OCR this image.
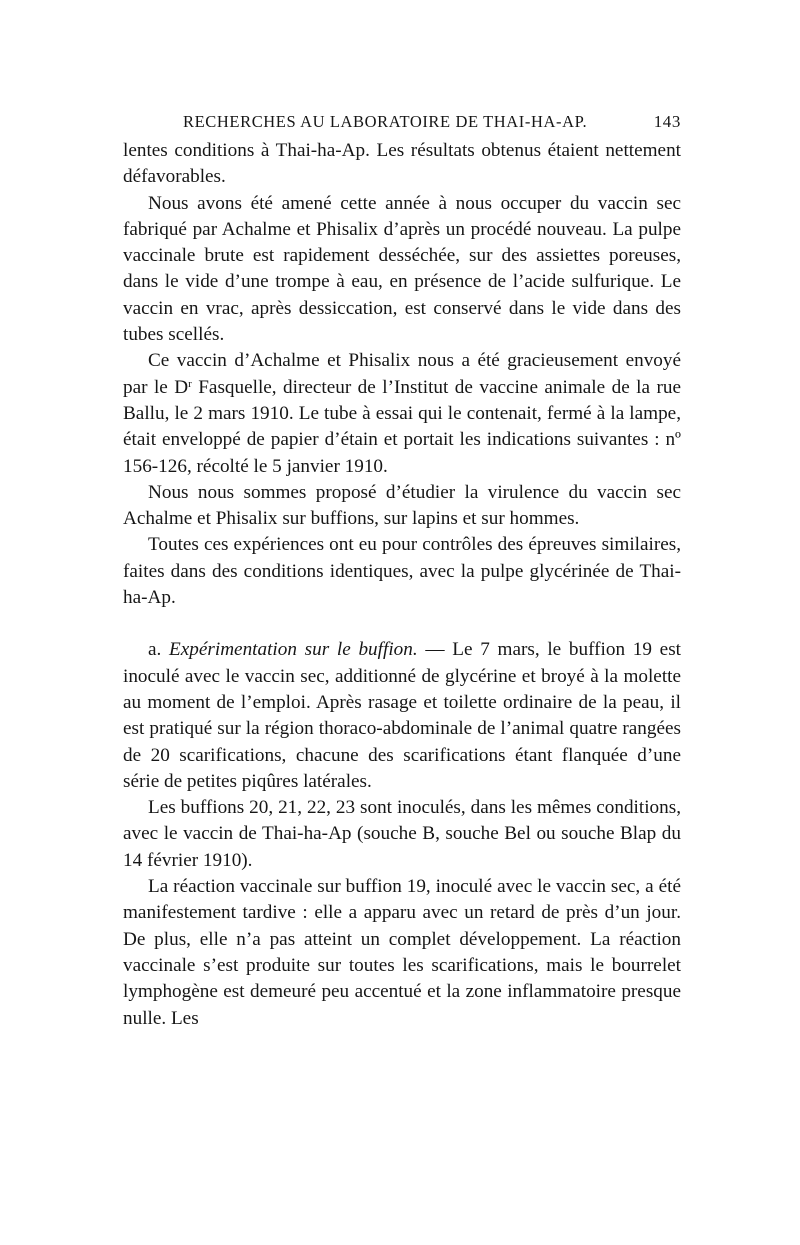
RECHERCHES AU LABORATOIRE DE THAI-HA-AP.	143

lentes conditions à Thai-ha-Ap. Les résultats obtenus étaient nettement défavorables.

Nous avons été amené cette année à nous occuper du vaccin sec fabriqué par Achalme et Phisalix d’après un procédé nouveau. La pulpe vaccinale brute est rapidement desséchée, sur des assiettes poreuses, dans le vide d’une trompe à eau, en présence de l’acide sulfurique. Le vaccin en vrac, après dessiccation, est conservé dans le vide dans des tubes scellés.

Ce vaccin d’Achalme et Phisalix nous a été gracieusement envoyé par le $D^r$ Fasquelle, directeur de l’Institut de vaccine animale de la rue Ballu, le 2 mars 1910. Le tube à essai qui le contenait, fermé à la lampe, était enveloppé de papier d’étain et portait les indications suivantes : nº 156-126, récolté le 5 janvier 1910.

Nous nous sommes proposé d’étudier la virulence du vaccin sec Achalme et Phisalix sur buffions, sur lapins et sur hommes.

Toutes ces expériences ont eu pour contrôles des épreuves similaires, faites dans des conditions identiques, avec la pulpe glycérinée de Thai-ha-Ap.

a. Expérimentation sur le buffion. — Le 7 mars, le buffion 19 est inoculé avec le vaccin sec, additionné de glycérine et broyé à la molette au moment de l’emploi. Après rasage et toilette ordinaire de la peau, il est pratiqué sur la région thoraco-abdominale de l’animal quatre rangées de 20 scarifications, chacune des scarifications étant flanquée d’une série de petites piqûres latérales.

Les buffions 20, 21, 22, 23 sont inoculés, dans les mêmes conditions, avec le vaccin de Thai-ha-Ap (souche B, souche Bel ou souche Blap du 14 février 1910).

La réaction vaccinale sur buffion 19, inoculé avec le vaccin sec, a été manifestement tardive : elle a apparu avec un retard de près d’un jour. De plus, elle n’a pas atteint un complet développement. La réaction vaccinale s’est produite sur toutes les scarifications, mais le bourrelet lymphogène est demeuré peu accentué et la zone inflammatoire presque nulle. Les
